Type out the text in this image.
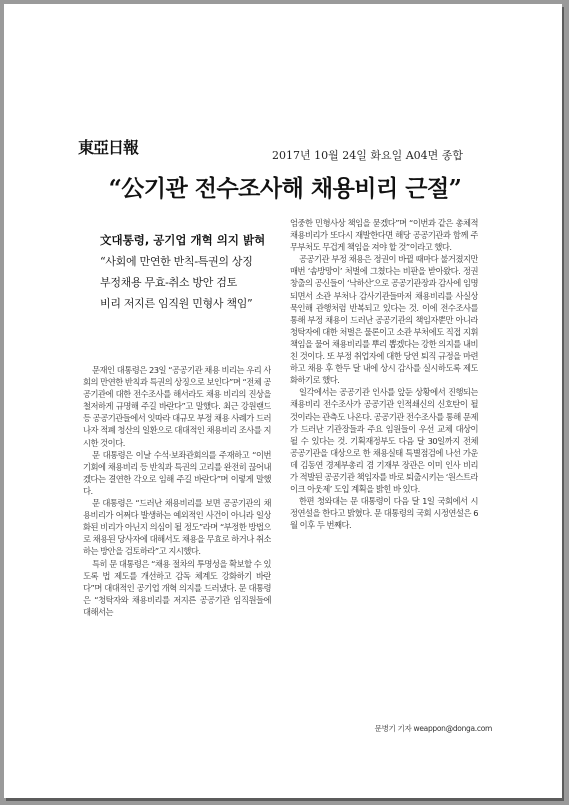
東亞日報	2017년 10월 24일 화요일 A04면 종합
“公기관 전수조사해 채용비리 근절”
文대통령, 공기업 개혁 의지 밝혀
“사회에 만연한 반칙-특권의 상징
부정채용 무효-취소 방안 검토
비리 저지른 임직원 민형사 책임”

문재인 대통령은 23일 “공공기관 채용 비리는 우리 사회의 만연한 반칙과 특권의 상징으로 보인다”며 “전체 공공기관에 대한 전수조사를 해서라도 채용 비리의 진상을 철저하게 규명해 주길 바란다”고 말했다. 최근 강원랜드 등 공공기관들에서 잇따라 대규모 부정 채용 사례가 드러나자 적폐 청산의 일환으로 대대적인 채용비리 조사를 지시한 것이다.

문 대통령은 이날 수석·보좌관회의를 주재하고 “이번 기회에 채용비리 등 반칙과 특권의 고리를 완전히 끊어내겠다는 결연한 각오로 임해 주길 바란다”며 이렇게 말했다.

문 대통령은 “드러난 채용비리를 보면 공공기관의 채용비리가 어쩌다 발생하는 예외적인 사건이 아니라 일상화된 비리가 아닌지 의심이 될 정도”라며 “부정한 방법으로 채용된 당사자에 대해서도 채용을 무효로 하거나 취소하는 방안을 검토하라”고 지시했다.

특히 문 대통령은 “채용 절차의 투명성을 확보할 수 있도록 법 제도를 개선하고 감독 체계도 강화하기 바란다”며 대대적인 공기업 개혁 의지를 드러냈다. 문 대통령은 “청탁자와 채용비리를 저지른 공공기관 임직원들에 대해서는

엄중한 민형사상 책임을 묻겠다”며 “이번과 같은 총체적 채용비리가 또다시 재발한다면 해당 공공기관과 함께 주무부처도 무겁게 책임을 져야 할 것”이라고 했다.

공공기관 부정 채용은 정권이 바뀔 때마다 불거졌지만 매번 ‘솜방망이’ 처벌에 그쳤다는 비판을 받아왔다. 정권 창출의 공신들이 ‘낙하산’으로 공공기관장과 감사에 임명되면서 소관 부처나 감사기관들마저 채용비리를 사실상 묵인해 관행처럼 반복되고 있다는 것. 이에 전수조사를 통해 부정 채용이 드러난 공공기관의 책임자뿐만 아니라 청탁자에 대한 처벌은 물론이고 소관 부처에도 직접 지휘 책임을 물어 채용비리를 뿌리 뽑겠다는 강한 의지를 내비친 것이다. 또 부정 취업자에 대한 당연 퇴직 규정을 마련하고 채용 후 한두 달 내에 상시 감사를 실시하도록 제도화하기로 했다.

일각에서는 공공기관 인사를 앞둔 상황에서 진행되는 채용비리 전수조사가 공공기관 인적쇄신의 신호탄이 될 것이라는 관측도 나온다. 공공기관 전수조사를 통해 문제가 드러난 기관장들과 주요 임원들이 우선 교체 대상이 될 수 있다는 것. 기획재정부도 다음 달 30일까지 전체 공공기관을 대상으로 한 채용실태 특별점검에 나선 가운데 김동연 경제부총리 겸 기재부 장관은 이미 인사 비리가 적발된 공공기관 책임자를 바로 퇴출시키는 ‘원스트라이크 아웃제’ 도입 계획을 밝힌 바 있다.

한편 청와대는 문 대통령이 다음 달 1일 국회에서 시정연설을 한다고 밝혔다. 문 대통령의 국회 시정연설은 6월 이후 두 번째다.

문병기 기자 weappon@donga.com
